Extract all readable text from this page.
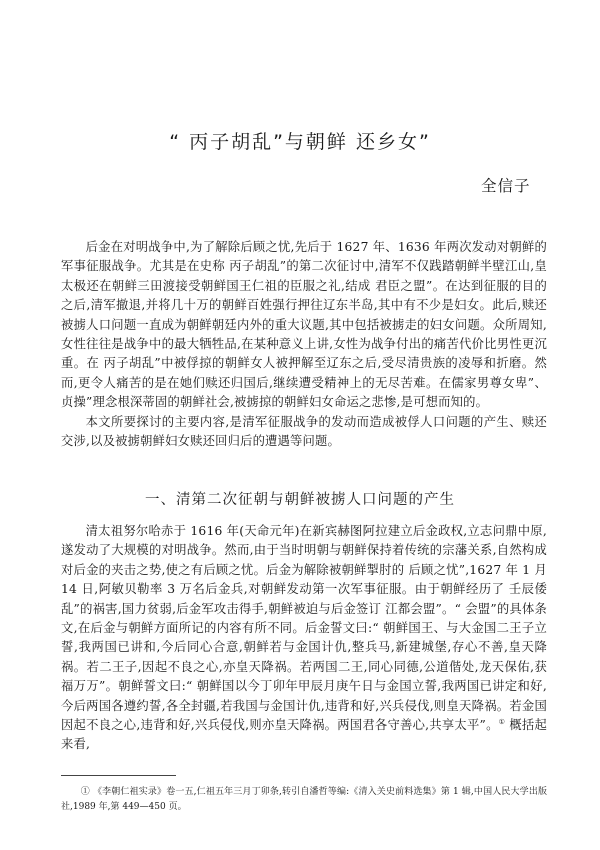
“ 丙子胡乱”与朝鲜 还乡女”
全信子

后金在对明战争中,为了解除后顾之忧,先后于 1627 年、1636 年两次发动对朝鲜的军事征服战争。尤其是在史称 丙子胡乱”的第二次征讨中,清军不仅践踏朝鲜半壁江山,皇太极还在朝鲜三田渡接受朝鲜国王仁祖的臣服之礼,结成 君臣之盟”。在达到征服的目的之后,清军撤退,并将几十万的朝鲜百姓强行押往辽东半岛,其中有不少是妇女。此后,赎还被掳人口问题一直成为朝鲜朝廷内外的重大议题,其中包括被掳走的妇女问题。众所周知,女性往往是战争中的最大牺牲品,在某种意义上讲,女性为战争付出的痛苦代价比男性更沉重。在 丙子胡乱”中被俘掠的朝鲜女人被押解至辽东之后,受尽清贵族的凌辱和折磨。然而,更令人痛苦的是在她们赎还归国后,继续遭受精神上的无尽苦难。在儒家男尊女卑”、贞操”理念根深蒂固的朝鲜社会,被掳掠的朝鲜妇女命运之悲惨,是可想而知的。

本文所要探讨的主要内容,是清军征服战争的发动而造成被俘人口问题的产生、赎还交涉,以及被掳朝鲜妇女赎还回归后的遭遇等问题。

一、清第二次征朝与朝鲜被掳人口问题的产生

清太祖努尔哈赤于 1616 年(天命元年)在新宾赫图阿拉建立后金政权,立志问鼎中原,遂发动了大规模的对明战争。然而,由于当时明朝与朝鲜保持着传统的宗藩关系,自然构成对后金的夹击之势,使之有后顾之忧。后金为解除被朝鲜掣肘的 后顾之忧”,1627 年 1 月 14 日,阿敏贝勒率 3 万名后金兵,对朝鲜发动第一次军事征服。由于朝鲜经历了 壬辰倭乱”的祸害,国力贫弱,后金军攻击得手,朝鲜被迫与后金签订 江都会盟”。“ 会盟”的具体条文,在后金与朝鲜方面所记的内容有所不同。后金誓文曰:“ 朝鲜国王、与大金国二王子立誓,我两国已讲和,今后同心合意,朝鲜若与金国计仇,整兵马,新建城堡,存心不善,皇天降祸。若二王子,因起不良之心,亦皇天降祸。若两国二王,同心同德,公道偕处,龙天保佑,获福万万”。朝鲜誓文曰:“ 朝鲜国以今丁卯年甲辰月庚午日与金国立誓,我两国已讲定和好,今后两国各遵约誓,各全封疆,若我国与金国计仇,违背和好,兴兵侵伐,则皇天降祸。若金国因起不良之心,违背和好,兴兵侵伐,则亦皇天降祸。两国君各守善心,共享太平”。① 概括起来看,

① 《李朝仁祖实录》卷一五,仁祖五年三月丁卯条,转引自潘哲等编:《清入关史前料选集》第 1 辑,中国人民大学出版社,1989 年,第 449—450 页。
